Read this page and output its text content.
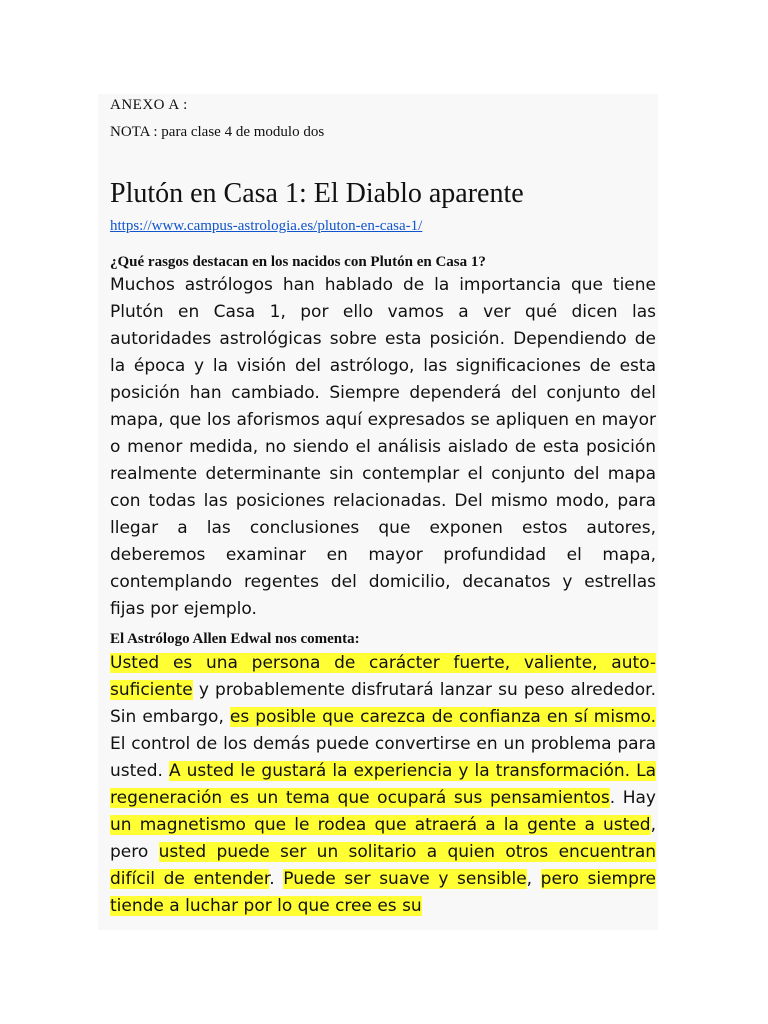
ANEXO A :

NOTA : para clase 4 de modulo dos

Plutón en Casa 1: El Diablo aparente
https://www.campus-astrologia.es/pluton-en-casa-1/

¿Qué rasgos destacan en los nacidos con Plutón en Casa 1?

Muchos astrólogos han hablado de la importancia que tiene Plutón en Casa 1, por ello vamos a ver qué dicen las autoridades astrológicas sobre esta posición. Dependiendo de la época y la visión del astrólogo, las significaciones de esta posición han cambiado. Siempre dependerá del conjunto del mapa, que los aforismos aquí expresados se apliquen en mayor o menor medida, no siendo el análisis aislado de esta posición realmente determinante sin contemplar el conjunto del mapa con todas las posiciones relacionadas. Del mismo modo, para llegar a las conclusiones que exponen estos autores, deberemos examinar en mayor profundidad el mapa, contemplando regentes del domicilio, decanatos y estrellas fijas por ejemplo.

El Astrólogo Allen Edwal nos comenta:

Usted es una persona de carácter fuerte, valiente, auto-suficiente y probablemente disfrutará lanzar su peso alrededor. Sin embargo, es posible que carezca de confianza en sí mismo. El control de los demás puede convertirse en un problema para usted. A usted le gustará la experiencia y la transformación. La regeneración es un tema que ocupará sus pensamientos. Hay un magnetismo que le rodea que atraerá a la gente a usted, pero usted puede ser un solitario a quien otros encuentran difícil de entender. Puede ser suave y sensible, pero siempre tiende a luchar por lo que cree es su
